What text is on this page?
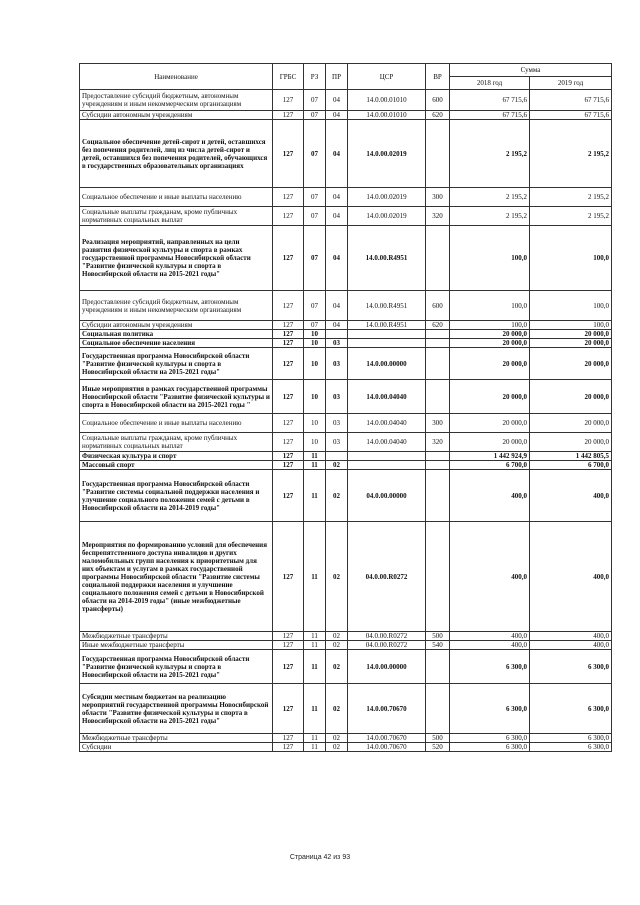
Наименование	ГРБС	РЗ	ПР	ЦСР	ВР	Сумма	
						2018 год	2019 год
Предоставление субсидий бюджетным, автономным учреждениям и иным некоммерческим организациям	127	07	04	14.0.00.01010	600	67 715,6	67 715,6
Субсидии автономным учреждениям	127	07	04	14.0.00.01010	620	67 715,6	67 715,6
Социальное обеспечение детей-сирот и детей, оставшихся без попечения родителей, лиц из числа детей-сирот и детей, оставшихся без попечения родителей, обучающихся в государственных образовательных организациях	127	07	04	14.0.00.02019		2 195,2	2 195,2
Социальное обеспечение и иные выплаты населению	127	07	04	14.0.00.02019	300	2 195,2	2 195,2
Социальные выплаты гражданам, кроме публичных нормативных социальных выплат	127	07	04	14.0.00.02019	320	2 195,2	2 195,2
Реализация мероприятий, направленных на цели развития физической культуры и спорта в рамках государственной программы Новосибирской области "Развитие физической культуры и спорта в Новосибирской области на 2015-2021 годы"	127	07	04	14.0.00.R4951		100,0	100,0
Предоставление субсидий бюджетным, автономным учреждениям и иным некоммерческим организациям	127	07	04	14.0.00.R4951	600	100,0	100,0
Субсидии автономным учреждениям	127	07	04	14.0.00.R4951	620	100,0	100,0
Социальная политика	127	10				20 000,0	20 000,0
Социальное обеспечение населения	127	10	03			20 000,0	20 000,0
Государственная программа Новосибирской области "Развитие физической культуры и спорта в Новосибирской области на 2015-2021 годы"	127	10	03	14.0.00.00000		20 000,0	20 000,0
Иные мероприятия в рамках государственной программы Новосибирской области "Развитие физической культуры и спорта в Новосибирской области на 2015-2021 годы "	127	10	03	14.0.00.04040		20 000,0	20 000,0
Социальное обеспечение и иные выплаты населению	127	10	03	14.0.00.04040	300	20 000,0	20 000,0
Социальные выплаты гражданам, кроме публичных нормативных социальных выплат	127	10	03	14.0.00.04040	320	20 000,0	20 000,0
Физическая культура и спорт	127	11				1 442 924,9	1 442 805,5
Массовый спорт	127	11	02			6 700,0	6 700,0
Государственная программа Новосибирской области "Развитие системы социальной поддержки населения и улучшение социального положения семей с детьми в Новосибирской области на 2014-2019 годы"	127	11	02	04.0.00.00000		400,0	400,0
Мероприятия по формированию условий для обеспечения беспрепятственного доступа инвалидов и других маломобильных групп населения к приоритетным для них объектам и услугам в рамках государственной программы Новосибирской области "Развитие системы социальной поддержки населения и улучшение социального положения семей с детьми в Новосибирской области на 2014-2019 годы" (иные межбюджетные трансферты)	127	11	02	04.0.00.R0272		400,0	400,0
Межбюджетные трансферты	127	11	02	04.0.00.R0272	500	400,0	400,0
Иные межбюджетные трансферты	127	11	02	04.0.00.R0272	540	400,0	400,0
Государственная программа Новосибирской области "Развитие физической культуры и спорта в Новосибирской области на 2015-2021 годы"	127	11	02	14.0.00.00000		6 300,0	6 300,0
Субсидии местным бюджетам на реализацию мероприятий государственной программы Новосибирской области "Развитие физической культуры и спорта в Новосибирской области на 2015-2021 годы"	127	11	02	14.0.00.70670		6 300,0	6 300,0
Межбюджетные трансферты	127	11	02	14.0.00.70670	500	6 300,0	6 300,0
Субсидии	127	11	02	14.0.00.70670	520	6 300,0	6 300,0
Страница 42 из 93
